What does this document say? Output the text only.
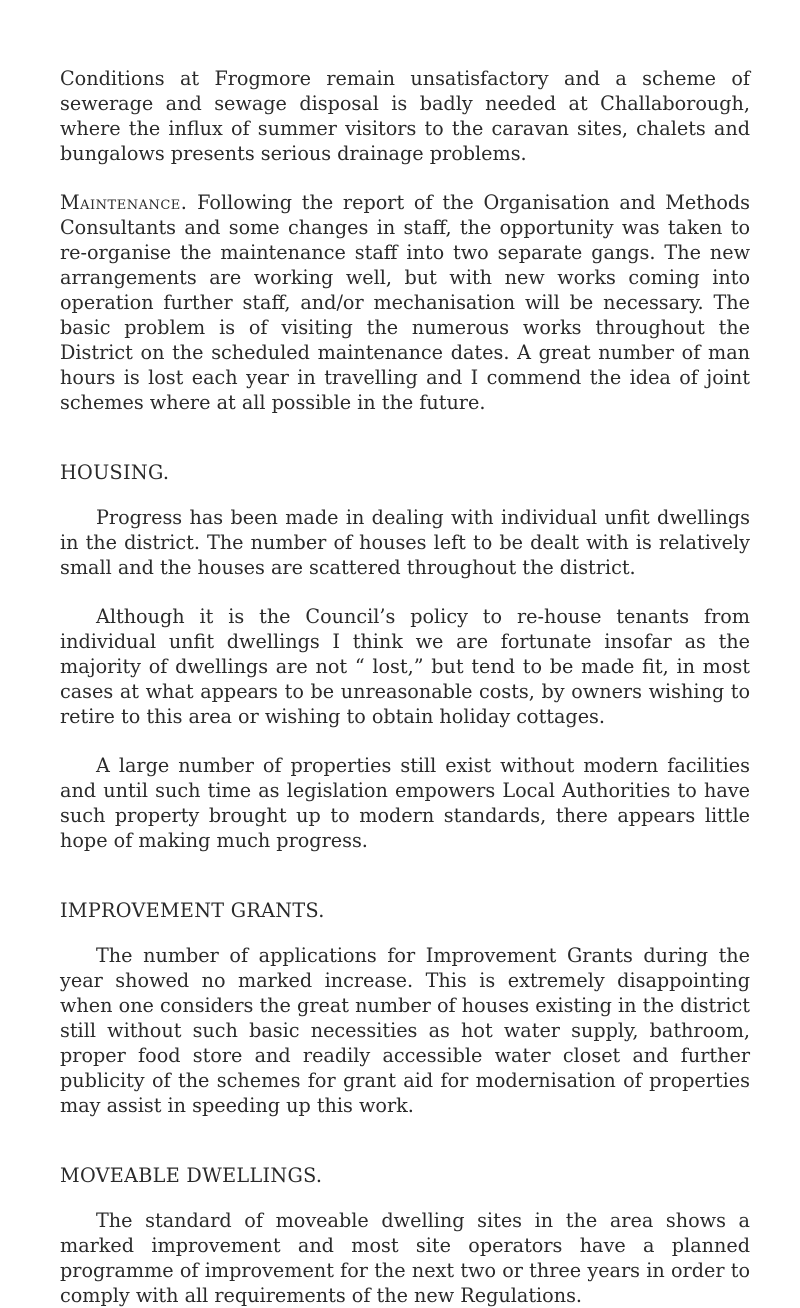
Conditions at Frogmore remain unsatisfactory and a scheme of sewerage and sewage disposal is badly needed at Challaborough, where the influx of summer visitors to the caravan sites, chalets and bungalows presents serious drainage problems.

Maintenance. Following the report of the Organisation and Methods Consultants and some changes in staff, the opportunity was taken to re-organise the maintenance staff into two separate gangs. The new arrangements are working well, but with new works coming into operation further staff, and/or mechanisation will be necessary. The basic problem is of visiting the numerous works throughout the District on the scheduled maintenance dates. A great number of man hours is lost each year in travelling and I commend the idea of joint schemes where at all possible in the future.

HOUSING.

Progress has been made in dealing with individual unfit dwellings in the district. The number of houses left to be dealt with is relatively small and the houses are scattered throughout the district.

Although it is the Council’s policy to re-house tenants from individual unfit dwellings I think we are fortunate insofar as the majority of dwellings are not “ lost,” but tend to be made fit, in most cases at what appears to be unreasonable costs, by owners wishing to retire to this area or wishing to obtain holiday cottages.

A large number of properties still exist without modern facilities and until such time as legislation empowers Local Authorities to have such property brought up to modern standards, there appears little hope of making much progress.

IMPROVEMENT GRANTS.

The number of applications for Improvement Grants during the year showed no marked increase. This is extremely disappointing when one considers the great number of houses existing in the district still without such basic necessities as hot water supply, bathroom, proper food store and readily accessible water closet and further publicity of the schemes for grant aid for modernisation of properties may assist in speeding up this work.

MOVEABLE DWELLINGS.

The standard of moveable dwelling sites in the area shows a marked improvement and most site operators have a planned programme of improvement for the next two or three years in order to comply with all requirements of the new Regulations.
